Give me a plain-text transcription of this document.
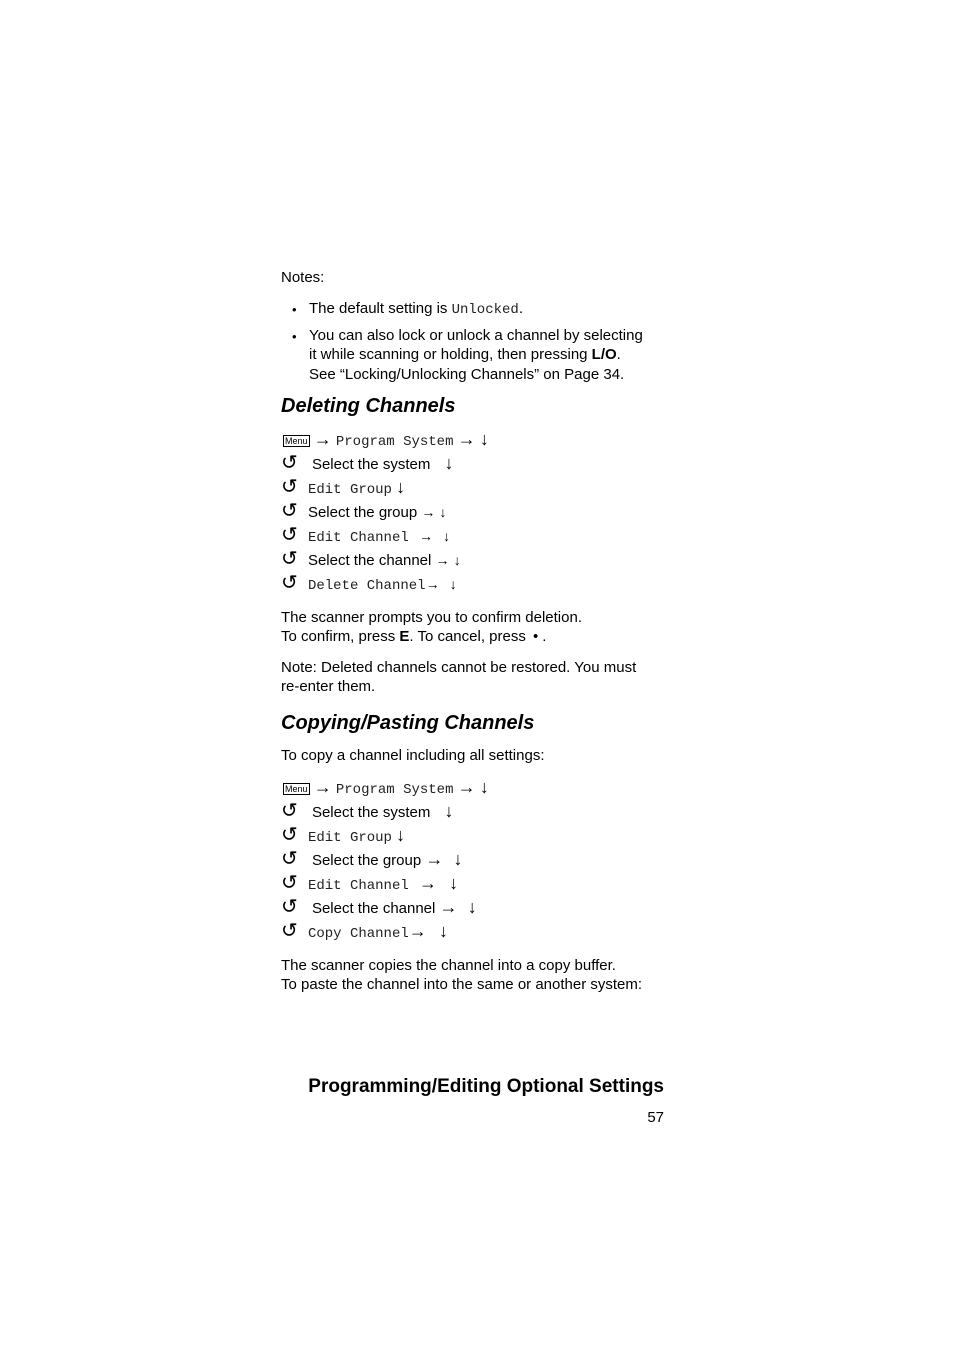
Notes:
• The default setting is Unlocked.
• You can also lock or unlock a channel by selecting
it while scanning or holding, then pressing L/O.
See “Locking/Unlocking Channels” on Page 34.
Deleting Channels
Menu → Program System → ↓
↺ Select the system ↓
↺ Edit Group ↓
↺ Select the group → ↓
↺ Edit Channel → ↓
↺ Select the channel → ↓
↺ Delete Channel→ ↓
The scanner prompts you to confirm deletion.
To confirm, press E. To cancel, press • .
Note: Deleted channels cannot be restored. You must
re-enter them.
Copying/Pasting Channels
To copy a channel including all settings:
Menu → Program System → ↓
↺ Select the system ↓
↺ Edit Group ↓
↺ Select the group → ↓
↺ Edit Channel → ↓
↺ Select the channel → ↓
↺ Copy Channel→ ↓
The scanner copies the channel into a copy buffer.
To paste the channel into the same or another system:
Programming/Editing Optional Settings
57
